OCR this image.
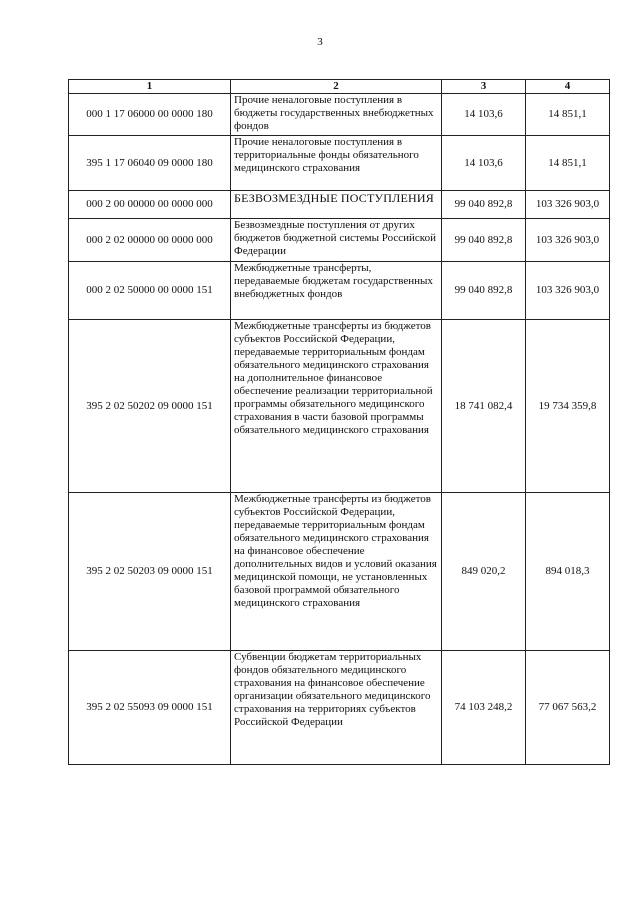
3
1	2	3	4
000 1 17 06000 00 0000 180	Прочие неналоговые поступления в бюджеты государственных внебюджетных фондов	14 103,6	14 851,1
395 1 17 06040 09 0000 180	Прочие неналоговые поступления в территориальные фонды обязательного медицинского страхования	14 103,6	14 851,1
000 2 00 00000 00 0000 000	БЕЗВОЗМЕЗДНЫЕ ПОСТУПЛЕНИЯ	99 040 892,8	103 326 903,0
000 2 02 00000 00 0000 000	Безвозмездные поступления от других бюджетов бюджетной системы Российской Федерации	99 040 892,8	103 326 903,0
000 2 02 50000 00 0000 151	Межбюджетные трансферты, передаваемые бюджетам государственных внебюджетных фондов	99 040 892,8	103 326 903,0
395 2 02 50202 09 0000 151	Межбюджетные трансферты из бюджетов субъектов Российской Федерации, передаваемые территориальным фондам обязательного медицинского страхования на дополнительное финансовое обеспечение реализации территориальной программы обязательного медицинского страхования в части базовой программы обязательного медицинского страхования	18 741 082,4	19 734 359,8
395 2 02 50203 09 0000 151	Межбюджетные трансферты из бюджетов субъектов Российской Федерации, передаваемые территориальным фондам обязательного медицинского страхования на финансовое обеспечение дополнительных видов и условий оказания медицинской помощи, не установленных базовой программой обязательного медицинского страхования	849 020,2	894 018,3
395 2 02 55093 09 0000 151	Субвенции бюджетам территориальных фондов обязательного медицинского страхования на финансовое обеспечение организации обязательного медицинского страхования на территориях субъектов Российской Федерации	74 103 248,2	77 067 563,2
